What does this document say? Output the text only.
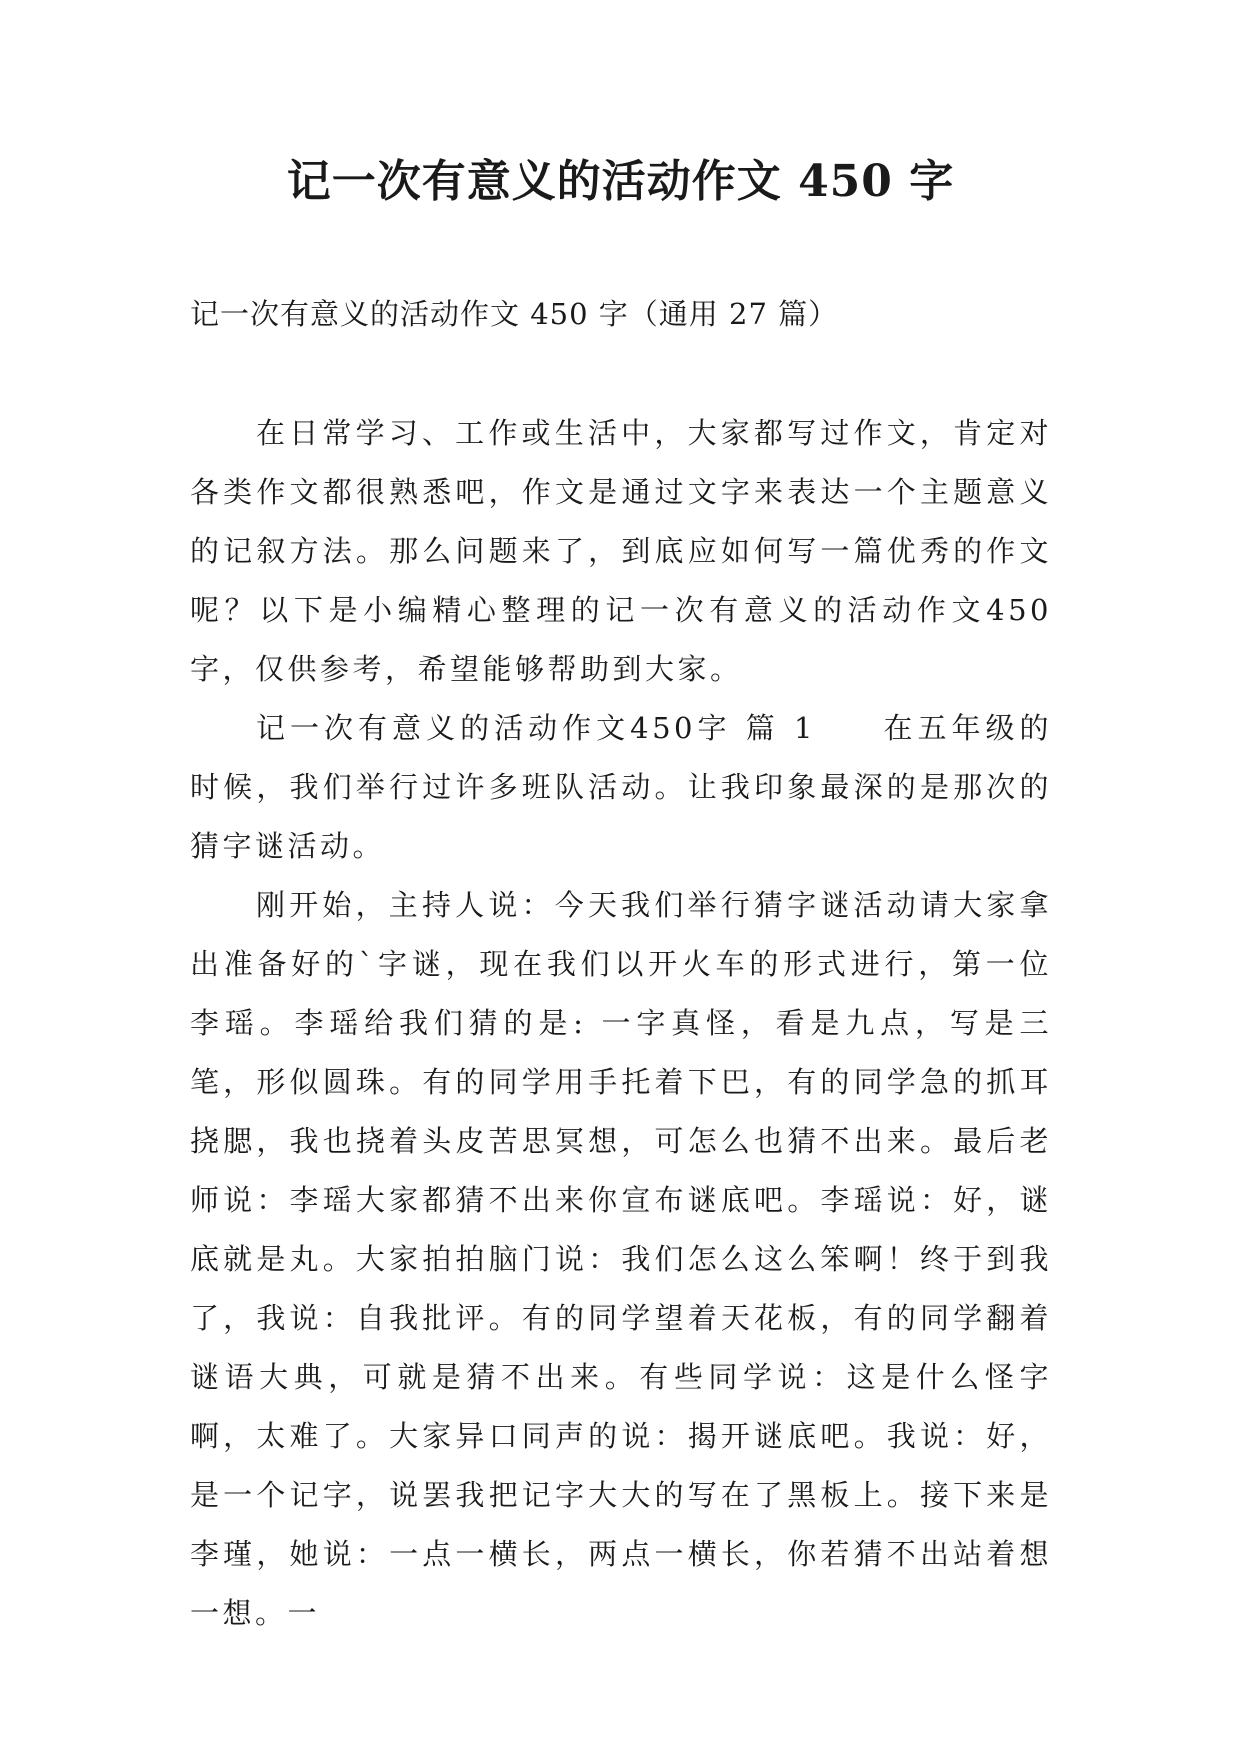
记一次有意义的活动作文 450 字

记一次有意义的活动作文 450 字（通用 27 篇）

在日常学习、工作或生活中，大家都写过作文，肯定对各类作文都很熟悉吧，作文是通过文字来表达一个主题意义的记叙方法。那么问题来了，到底应如何写一篇优秀的作文呢？以下是小编精心整理的记一次有意义的活动作文450字，仅供参考，希望能够帮助到大家。

记一次有意义的活动作文450字 篇 1 在五年级的时候，我们举行过许多班队活动。让我印象最深的是那次的猜字谜活动。

刚开始，主持人说：今天我们举行猜字谜活动请大家拿出准备好的`字谜，现在我们以开火车的形式进行，第一位李瑶。李瑶给我们猜的是: 一字真怪，看是九点，写是三笔，形似圆珠。有的同学用手托着下巴，有的同学急的抓耳挠腮，我也挠着头皮苦思冥想，可怎么也猜不出来。最后老师说：李瑶大家都猜不出来你宣布谜底吧。李瑶说：好，谜底就是丸。大家拍拍脑门说：我们怎么这么笨啊！终于到我了，我说：自我批评。有的同学望着天花板，有的同学翻着谜语大典，可就是猜不出来。有些同学说：这是什么怪字啊，太难了。大家异口同声的说：揭开谜底吧。我说：好，是一个记字，说罢我把记字大大的写在了黑板上。接下来是李瑾，她说：一点一横长，两点一横长，你若猜不出站着想一想。一
